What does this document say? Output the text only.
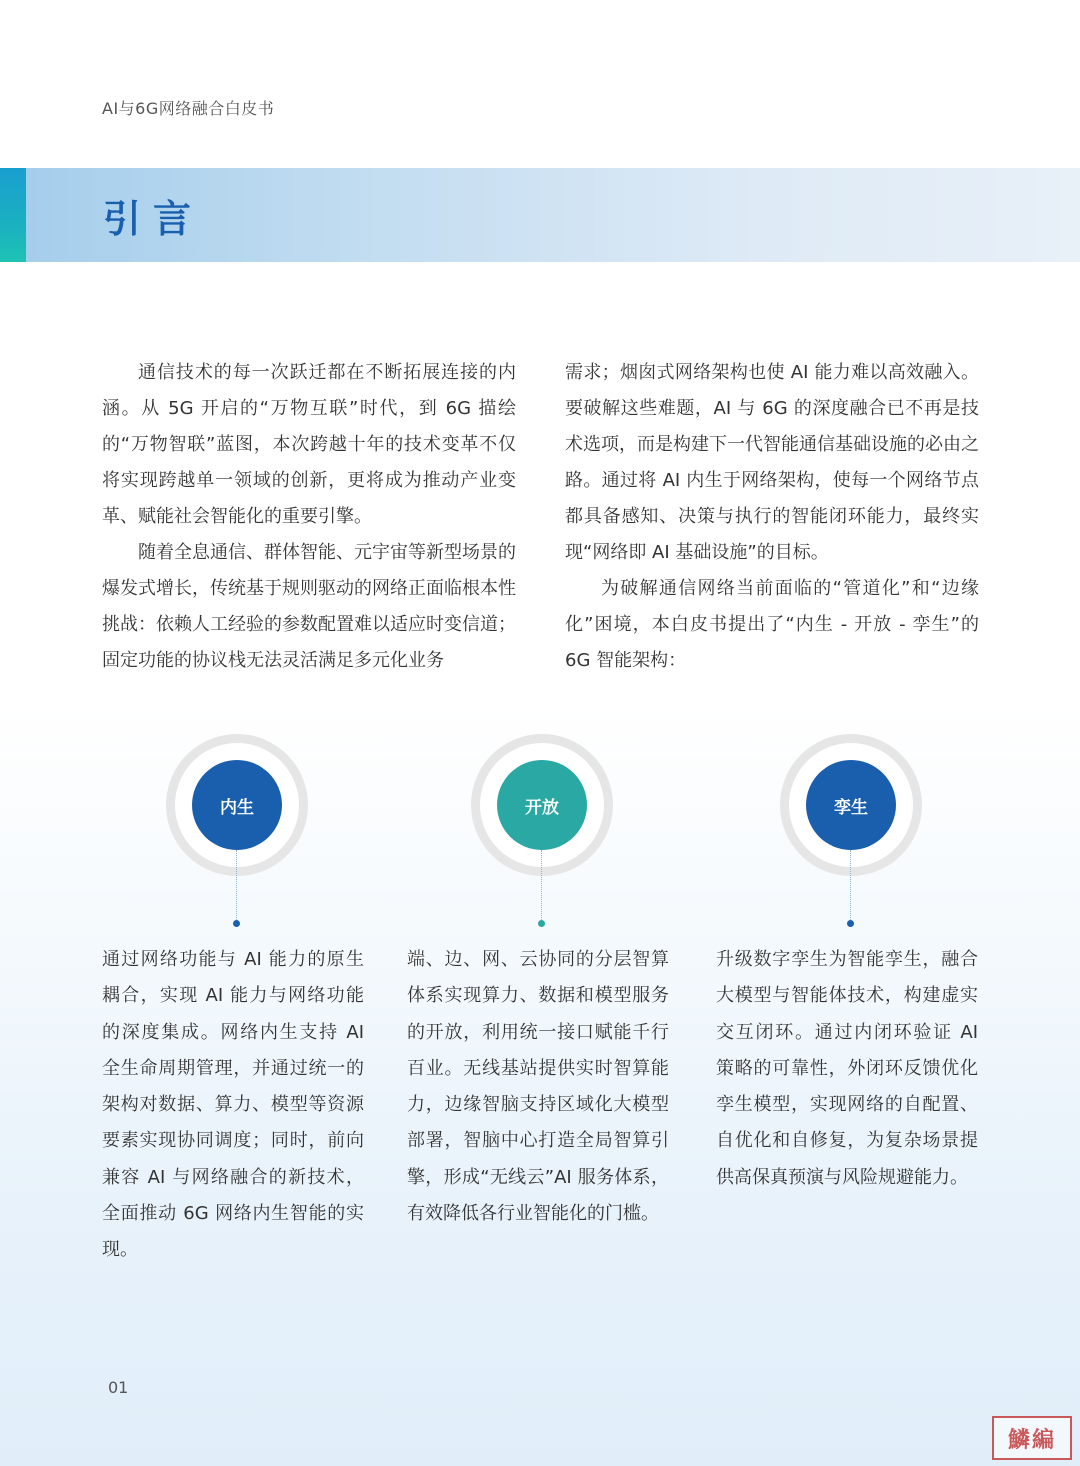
AI与6G网络融合白皮书
引言

通信技术的每一次跃迁都在不断拓展连接的内涵。从 5G 开启的“万物互联”时代，到 6G 描绘的“万物智联”蓝图，本次跨越十年的技术变革不仅将实现跨越单一领域的创新，更将成为推动产业变革、赋能社会智能化的重要引擎。

随着全息通信、群体智能、元宇宙等新型场景的爆发式增长，传统基于规则驱动的网络正面临根本性挑战：依赖人工经验的参数配置难以适应时变信道；固定功能的协议栈无法灵活满足多元化业务

需求；烟囱式网络架构也使 AI 能力难以高效融入。要破解这些难题，AI 与 6G 的深度融合已不再是技术选项，而是构建下一代智能通信基础设施的必由之路。通过将 AI 内生于网络架构，使每一个网络节点都具备感知、决策与执行的智能闭环能力，最终实现“网络即 AI 基础设施”的目标。

为破解通信网络当前面临的“管道化”和“边缘化”困境，本白皮书提出了“内生 - 开放 - 孪生”的 6G 智能架构：

内生

通过网络功能与 AI 能力的原生耦合，实现 AI 能力与网络功能的深度集成。网络内生支持 AI 全生命周期管理，并通过统一的架构对数据、算力、模型等资源要素实现协同调度；同时，前向兼容 AI 与网络融合的新技术，全面推动 6G 网络内生智能的实现。

开放

端、边、网、云协同的分层智算体系实现算力、数据和模型服务的开放，利用统一接口赋能千行百业。无线基站提供实时智算能力，边缘智脑支持区域化大模型部署，智脑中心打造全局智算引擎，形成“无线云”AI 服务体系，有效降低各行业智能化的门槛。

孪生

升级数字孪生为智能孪生，融合大模型与智能体技术，构建虚实交互闭环。通过内闭环验证 AI 策略的可靠性，外闭环反馈优化孪生模型，实现网络的自配置、自优化和自修复，为复杂场景提供高保真预演与风险规避能力。

01
鱗編
